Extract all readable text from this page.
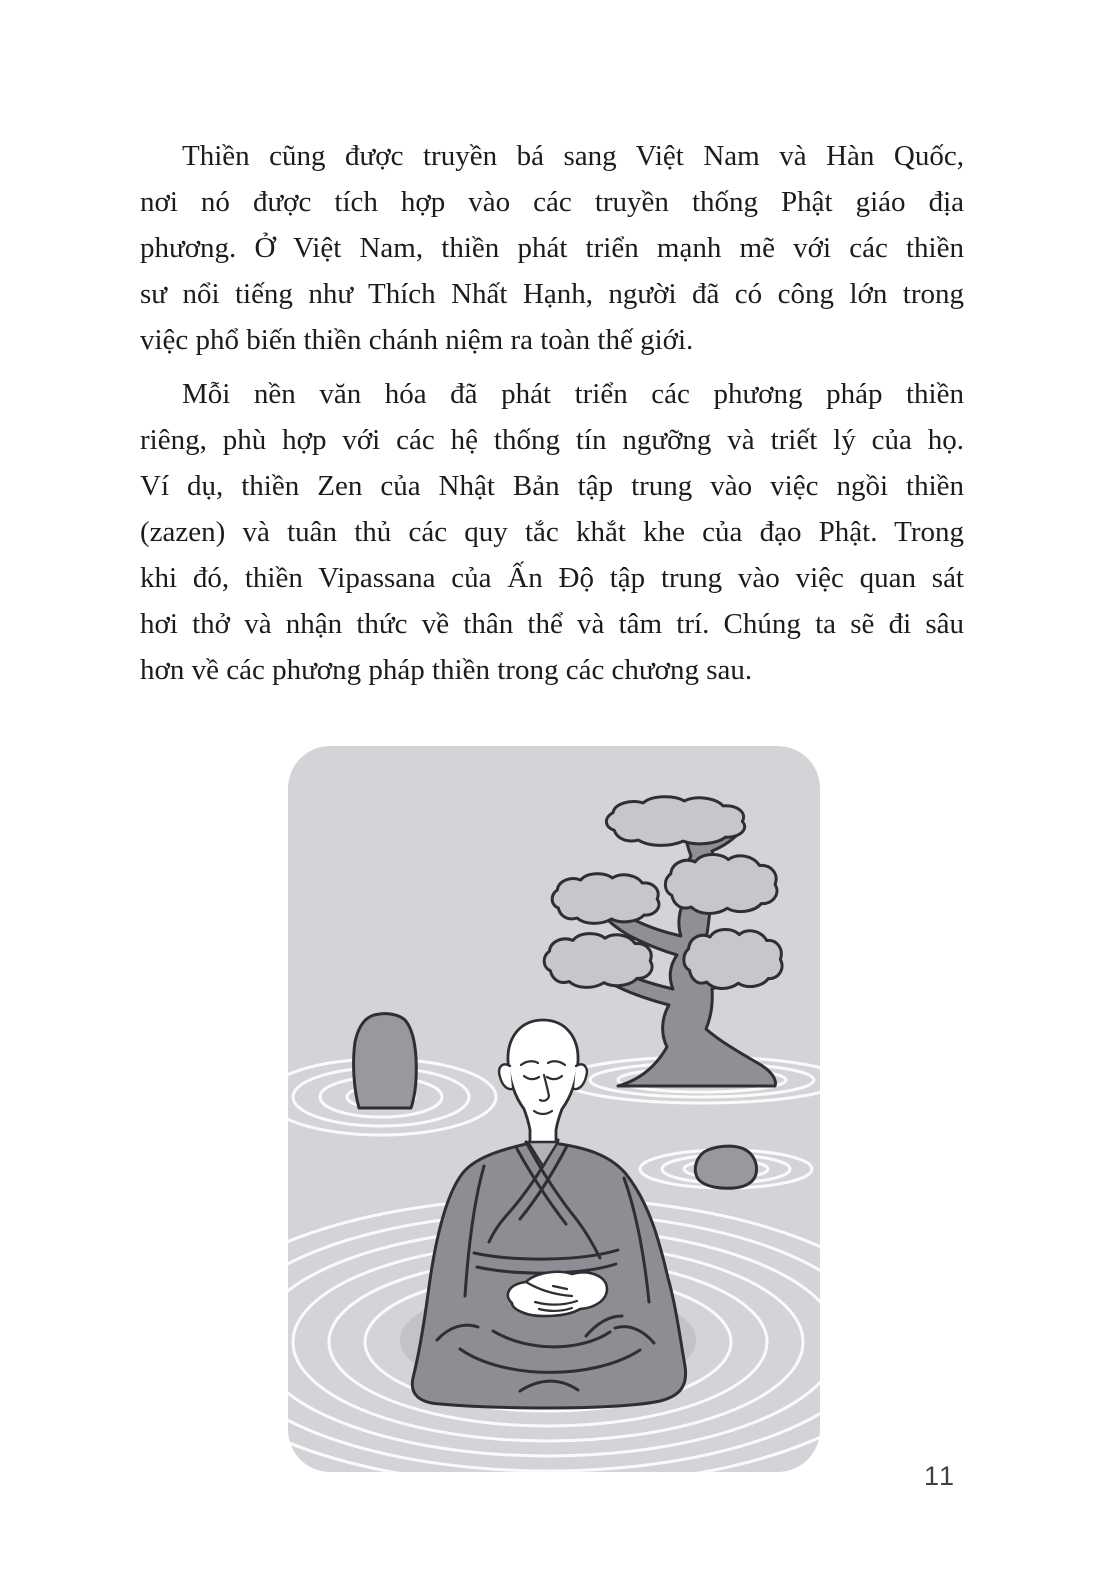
Thiền cũng được truyền bá sang Việt Nam và Hàn Quốc,
nơi nó được tích hợp vào các truyền thống Phật giáo địa
phương. Ở Việt Nam, thiền phát triển mạnh mẽ với các thiền
sư nổi tiếng như Thích Nhất Hạnh, người đã có công lớn trong
việc phổ biến thiền chánh niệm ra toàn thế giới.
Mỗi nền văn hóa đã phát triển các phương pháp thiền
riêng, phù hợp với các hệ thống tín ngưỡng và triết lý của họ.
Ví dụ, thiền Zen của Nhật Bản tập trung vào việc ngồi thiền
(zazen) và tuân thủ các quy tắc khắt khe của đạo Phật. Trong
khi đó, thiền Vipassana của Ấn Độ tập trung vào việc quan sát
hơi thở và nhận thức về thân thể và tâm trí. Chúng ta sẽ đi sâu
hơn về các phương pháp thiền trong các chương sau.
11
